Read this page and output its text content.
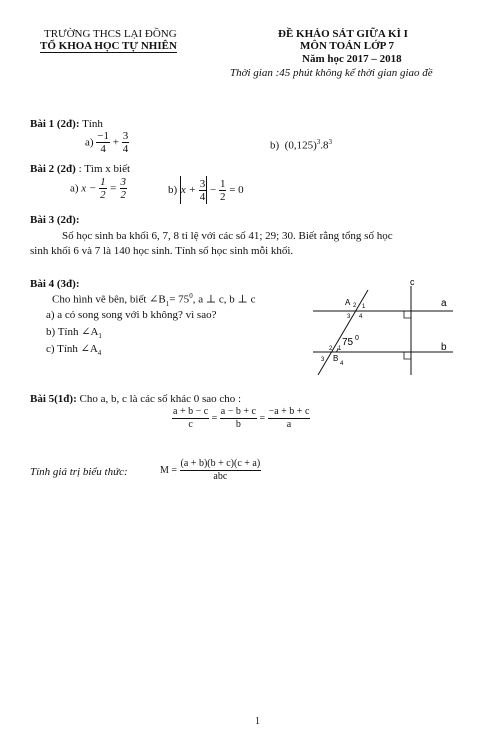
TRƯỜNG THCS LẠI ĐỒNG
TỔ KHOA HỌC TỰ NHIÊN
ĐỀ KHẢO SÁT GIỮA KÌ I
MÔN TOÁN LỚP 7
Năm học 2017 – 2018
Thời gian :45 phút không kể thời gian giao đề
Bài 1 (2đ): Tính
$a) \frac{-1}{4} + \frac{3}{4}$	b) $(0,125)^3.8^3$
Bài 2 (2đ) : Tìm x biết
a) $x - \frac{1}{2} = \frac{3}{2}$	b) $x + \frac{3}{4} - \frac{1}{2} = 0$
Bài 3 (2đ):
Số học sinh ba khối 6, 7, 8 tỉ lệ với các số 41; 29; 30. Biết rằng tổng số học
sinh khối 6 và 7 là 140 học sinh. Tính số học sinh mỗi khối.
Bài 4 (3đ):
Cho hình vẽ bên, biết $\angle B_1= 75^0$, a ⊥ c, b ⊥ c
a) a có song song với b không? vì sao?
b) Tính $\angle A_1$
c) Tính $\angle A_4$
c
a
b
A 2 1
3 4
2 1
3 B
4
75 0
Bài 5(1đ): Cho a, b, c là các số khác 0 sao cho :
$\frac{a + b - c}{c} = \frac{a - b + c}{b} = \frac{-a + b + c}{a}$
Tính giá trị biểu thức:	$M = \frac{(a + b)(b + c)(c + a)}{\text{abc}}$
1
